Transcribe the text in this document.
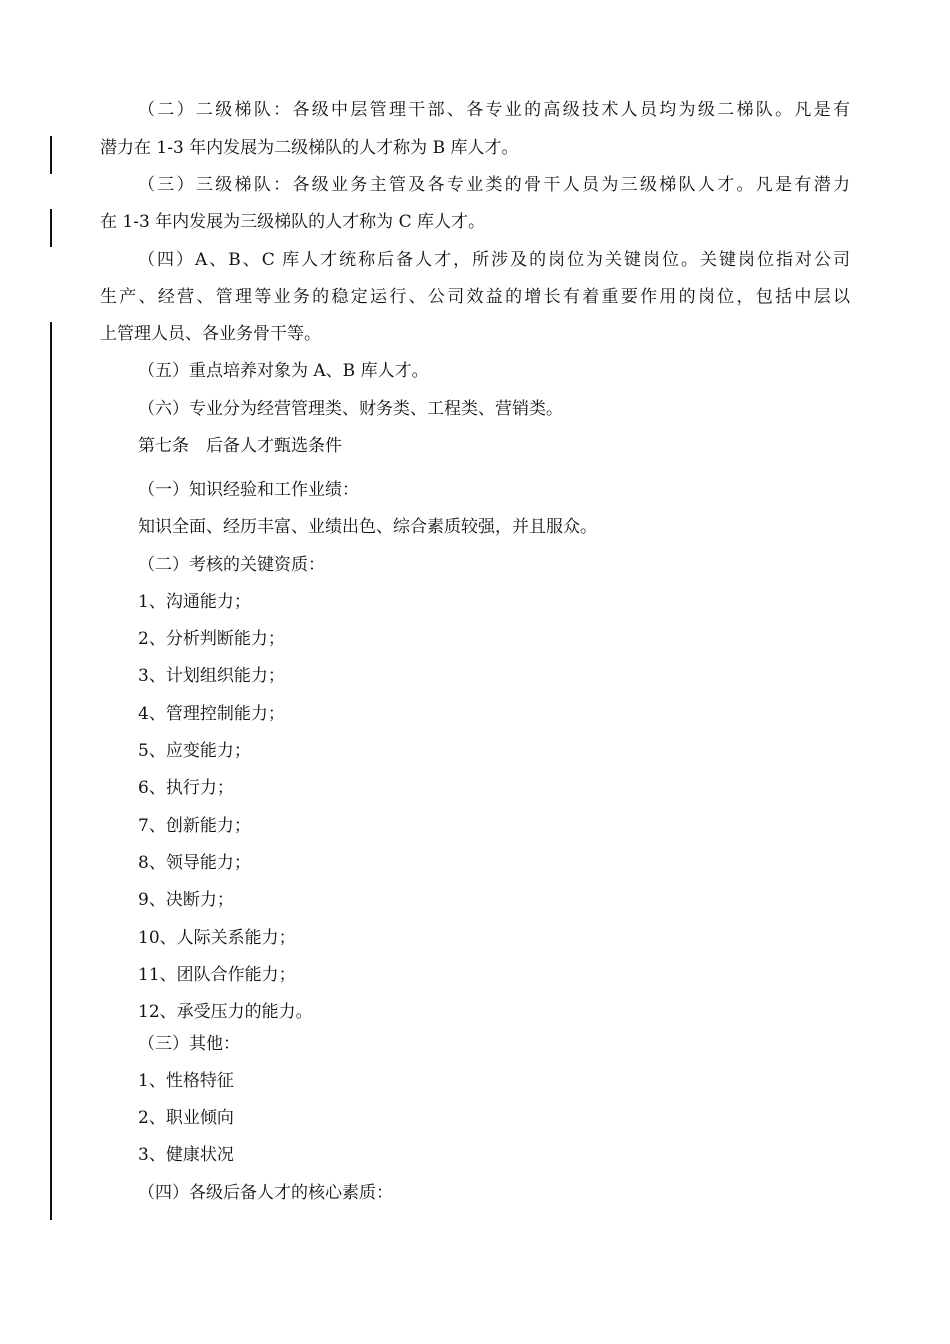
（二）二级梯队：各级中层管理干部、各专业的高级技术人员均为级二梯队。凡是有
潜力在 1-3 年内发展为二级梯队的人才称为 B 库人才。
（三）三级梯队：各级业务主管及各专业类的骨干人员为三级梯队人才。凡是有潜力
在 1-3 年内发展为三级梯队的人才称为 C 库人才。
（四）A、B、C 库人才统称后备人才，所涉及的岗位为关键岗位。关键岗位指对公司
生产、经营、管理等业务的稳定运行、公司效益的增长有着重要作用的岗位，包括中层以
上管理人员、各业务骨干等。
（五）重点培养对象为 A、B 库人才。
（六）专业分为经营管理类、财务类、工程类、营销类。
第七条　后备人才甄选条件
（一）知识经验和工作业绩：
知识全面、经历丰富、业绩出色、综合素质较强，并且服众。
（二）考核的关键资质：
1、沟通能力；
2、分析判断能力；
3、计划组织能力；
4、管理控制能力；
5、应变能力；
6、执行力；
7、创新能力；
8、领导能力；
9、决断力；
10、人际关系能力；
11、团队合作能力；
12、承受压力的能力。
（三）其他：
1、性格特征
2、职业倾向
3、健康状况
（四）各级后备人才的核心素质：
